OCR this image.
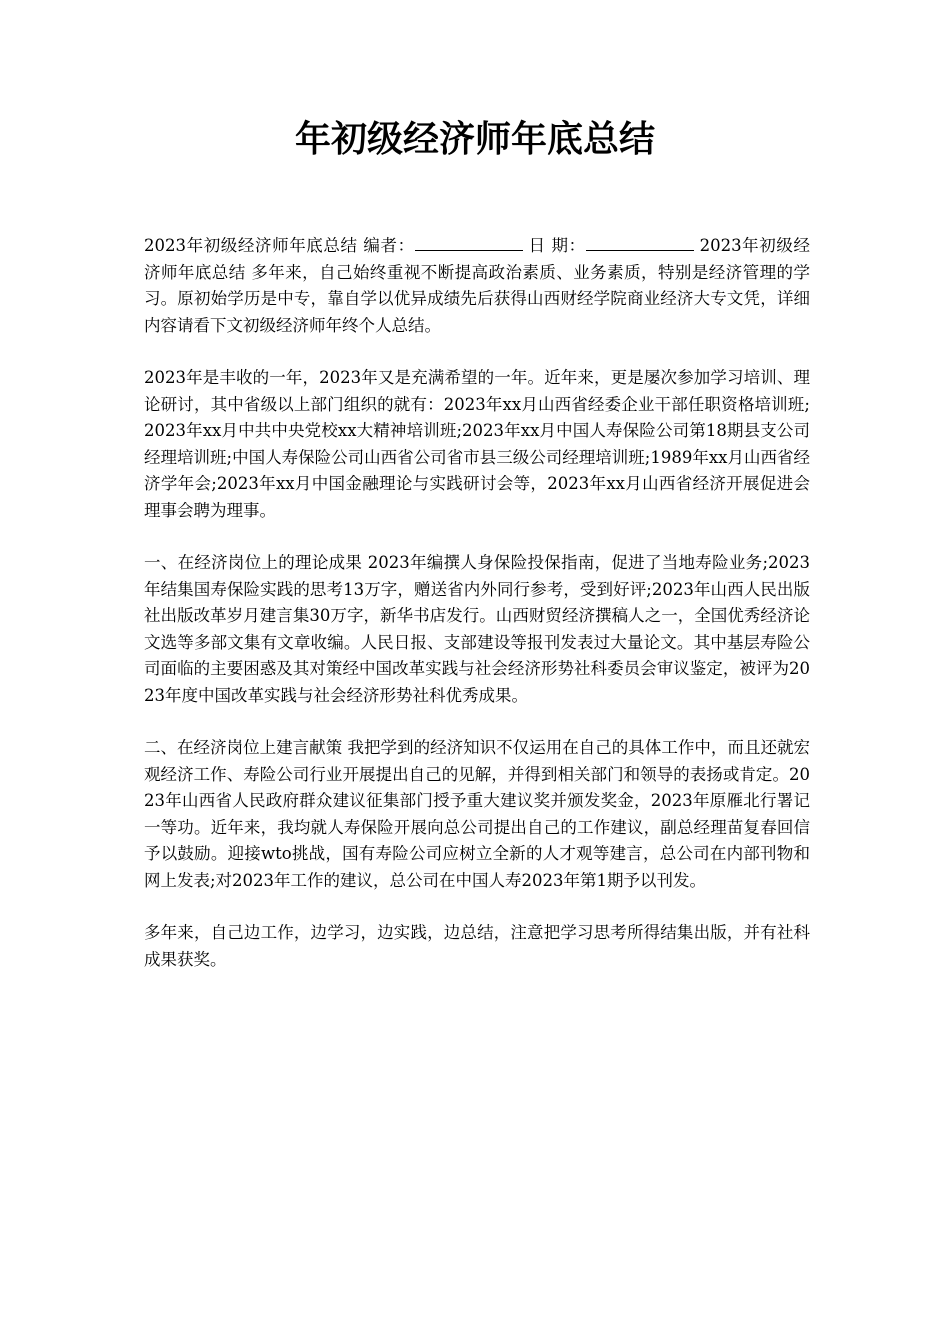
年初级经济师年底总结

2023年初级经济师年底总结 编者：	日 期：	2023年初级经济师年底总结 多年来，自己始终重视不断提高政治素质、业务素质，特别是经济管理的学习。原初始学历是中专，靠自学以优异成绩先后获得山西财经学院商业经济大专文凭，详细内容请看下文初级经济师年终个人总结。

2023年是丰收的一年，2023年又是充满希望的一年。近年来，更是屡次参加学习培训、理论研讨，其中省级以上部门组织的就有：2023年xx月山西省经委企业干部任职资格培训班;2023年xx月中共中央党校xx大精神培训班;2023年xx月中国人寿保险公司第18期县支公司经理培训班;中国人寿保险公司山西省公司省市县三级公司经理培训班;1989年xx月山西省经济学年会;2023年xx月中国金融理论与实践研讨会等，2023年xx月山西省经济开展促进会理事会聘为理事。

一、在经济岗位上的理论成果 2023年编撰人身保险投保指南，促进了当地寿险业务;2023年结集国寿保险实践的思考13万字，赠送省内外同行参考，受到好评;2023年山西人民出版社出版改革岁月建言集30万字，新华书店发行。山西财贸经济撰稿人之一，全国优秀经济论文选等多部文集有文章收编。人民日报、支部建设等报刊发表过大量论文。其中基层寿险公司面临的主要困惑及其对策经中国改革实践与社会经济形势社科委员会审议鉴定，被评为2023年度中国改革实践与社会经济形势社科优秀成果。

二、在经济岗位上建言献策 我把学到的经济知识不仅运用在自己的具体工作中，而且还就宏观经济工作、寿险公司行业开展提出自己的见解，并得到相关部门和领导的表扬或肯定。2023年山西省人民政府群众建议征集部门授予重大建议奖并颁发奖金，2023年原雁北行署记一等功。近年来，我均就人寿保险开展向总公司提出自己的工作建议，副总经理苗复春回信予以鼓励。迎接wto挑战，国有寿险公司应树立全新的人才观等建言，总公司在内部刊物和网上发表;对2023年工作的建议，总公司在中国人寿2023年第1期予以刊发。

多年来，自己边工作，边学习，边实践，边总结，注意把学习思考所得结集出版，并有社科成果获奖。
